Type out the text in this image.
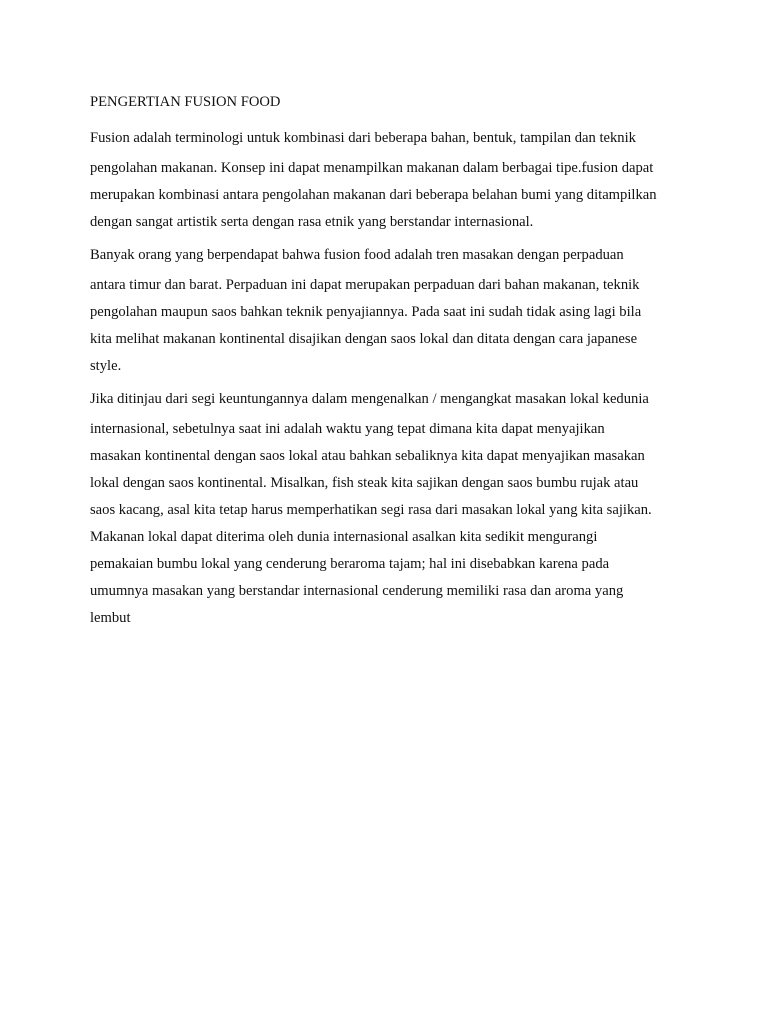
PENGERTIAN FUSION FOOD
Fusion adalah terminologi untuk kombinasi dari beberapa bahan, bentuk, tampilan dan teknik
pengolahan makanan. Konsep ini dapat menampilkan makanan dalam berbagai tipe.fusion dapat
merupakan kombinasi antara pengolahan makanan dari beberapa belahan bumi yang ditampilkan
dengan sangat artistik serta dengan rasa etnik yang berstandar internasional.
Banyak orang yang berpendapat bahwa fusion food adalah tren masakan dengan perpaduan
antara timur dan barat. Perpaduan ini dapat merupakan perpaduan dari bahan makanan, teknik
pengolahan maupun saos bahkan teknik penyajiannya. Pada saat ini sudah tidak asing lagi bila
kita melihat makanan kontinental disajikan dengan saos lokal dan ditata dengan cara japanese
style.
Jika ditinjau dari segi keuntungannya dalam mengenalkan / mengangkat masakan lokal kedunia
internasional, sebetulnya saat ini adalah waktu yang tepat dimana kita dapat menyajikan
masakan kontinental dengan saos lokal atau bahkan sebaliknya kita dapat menyajikan masakan
lokal dengan saos kontinental. Misalkan, fish steak kita sajikan dengan saos bumbu rujak atau
saos kacang, asal kita tetap harus memperhatikan segi rasa dari masakan lokal yang kita sajikan.
Makanan lokal dapat diterima oleh dunia internasional asalkan kita sedikit mengurangi
pemakaian bumbu lokal yang cenderung beraroma tajam; hal ini disebabkan karena pada
umumnya masakan yang berstandar internasional cenderung memiliki rasa dan aroma yang
lembut
